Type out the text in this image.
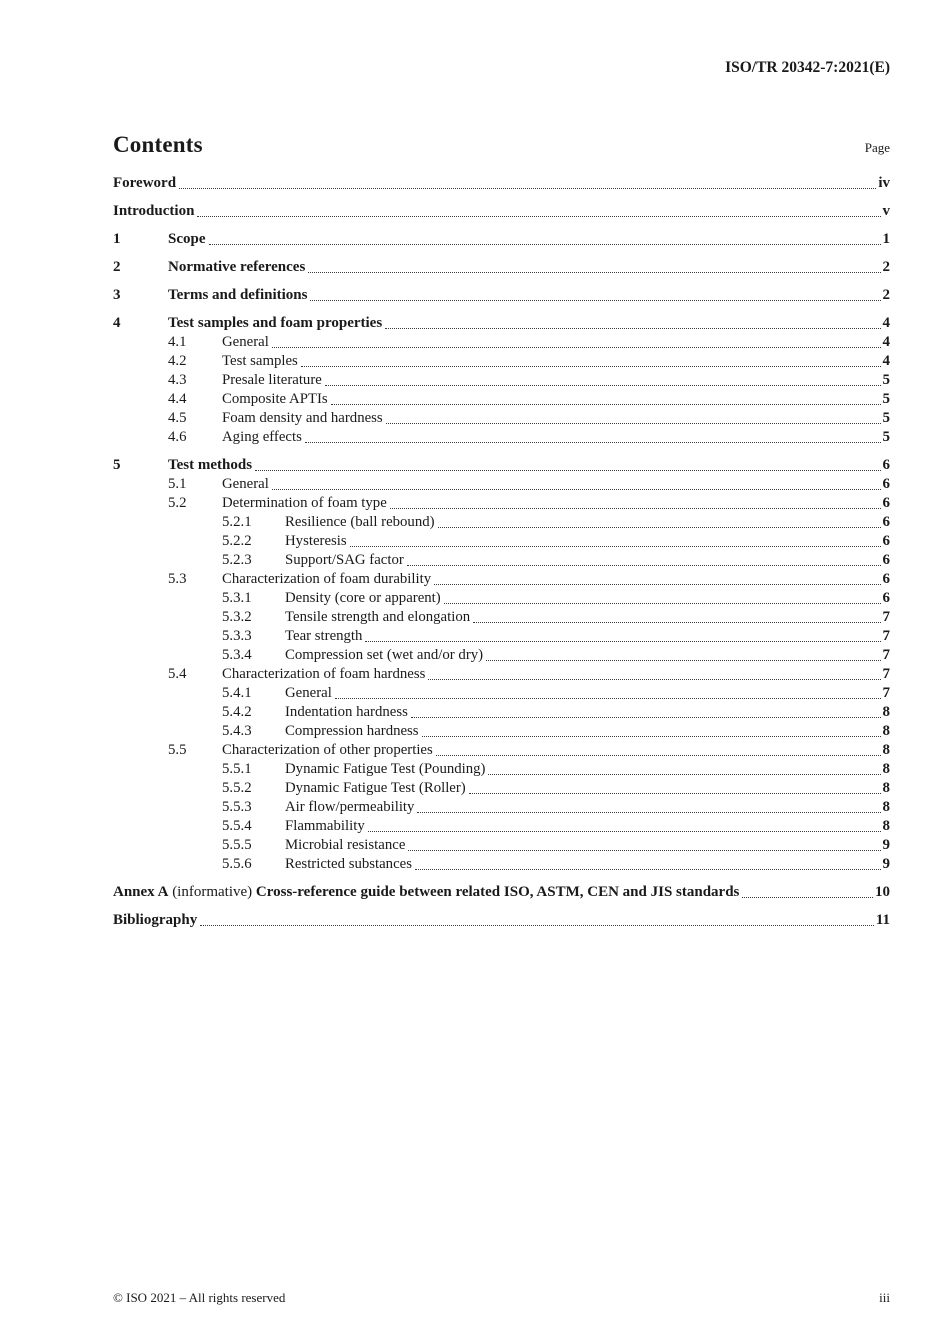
ISO/TR 20342-7:2021(E)
Contents	Page
Foreword	iv
Introduction	v
1	Scope	1
2	Normative references	2
3	Terms and definitions	2
4	Test samples and foam properties	4
4.1	General	4
4.2	Test samples	4
4.3	Presale literature	5
4.4	Composite APTIs	5
4.5	Foam density and hardness	5
4.6	Aging effects	5
5	Test methods	6
5.1	General	6
5.2	Determination of foam type	6
5.2.1	Resilience (ball rebound)	6
5.2.2	Hysteresis	6
5.2.3	Support/SAG factor	6
5.3	Characterization of foam durability	6
5.3.1	Density (core or apparent)	6
5.3.2	Tensile strength and elongation	7
5.3.3	Tear strength	7
5.3.4	Compression set (wet and/or dry)	7
5.4	Characterization of foam hardness	7
5.4.1	General	7
5.4.2	Indentation hardness	8
5.4.3	Compression hardness	8
5.5	Characterization of other properties	8
5.5.1	Dynamic Fatigue Test (Pounding)	8
5.5.2	Dynamic Fatigue Test (Roller)	8
5.5.3	Air flow/permeability	8
5.5.4	Flammability	8
5.5.5	Microbial resistance	9
5.5.6	Restricted substances	9
Annex A (informative) Cross-reference guide between related ISO, ASTM, CEN and JIS standards	10
Bibliography	11
© ISO 2021 – All rights reserved	iii
